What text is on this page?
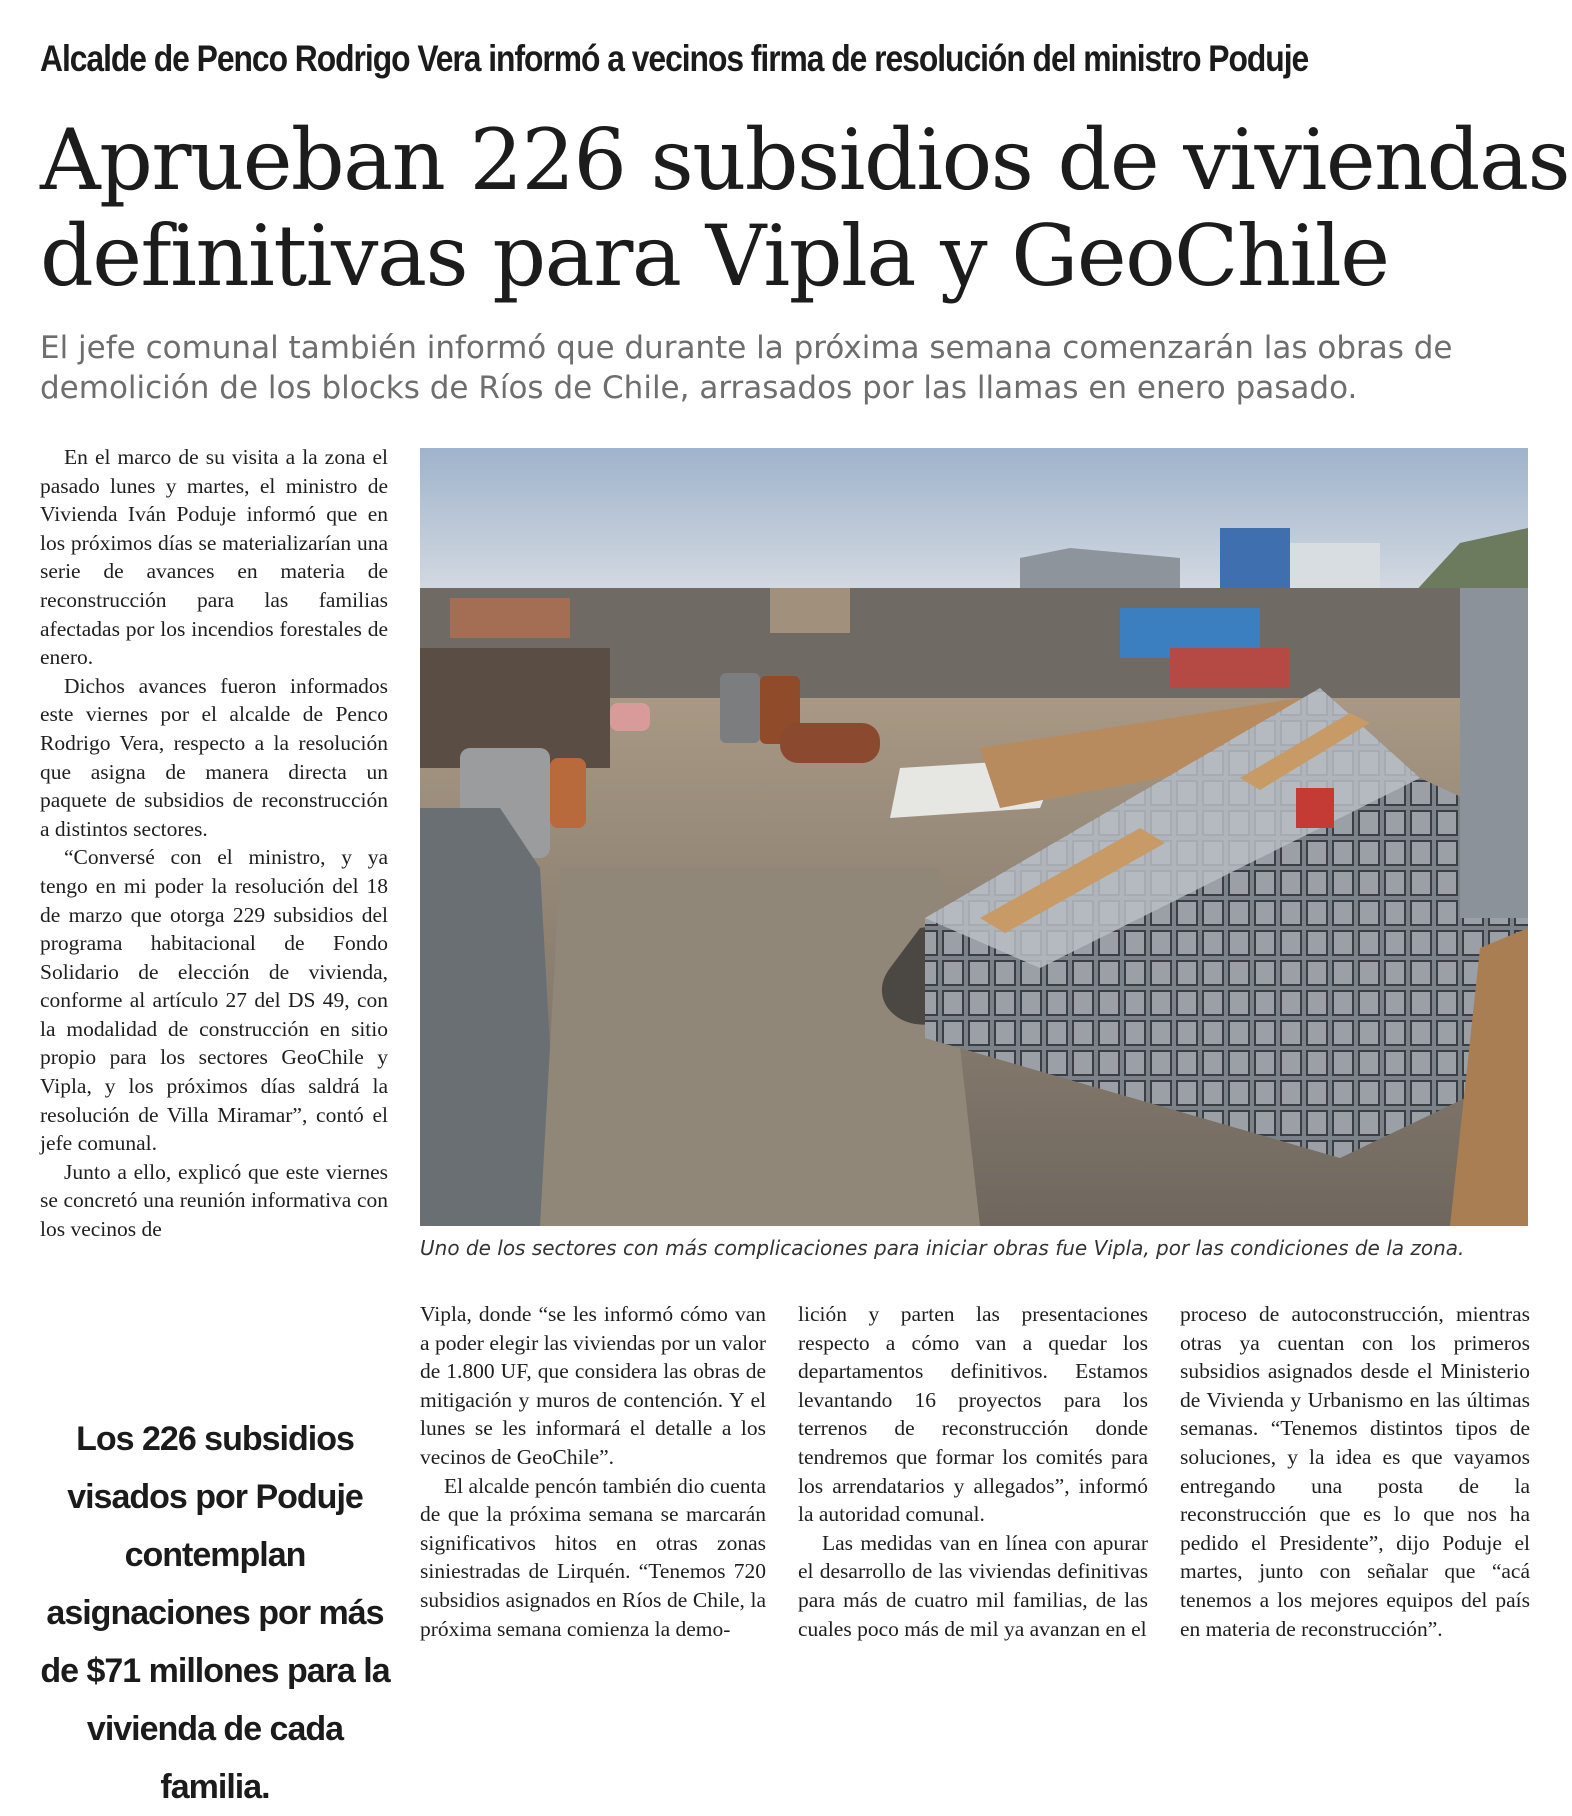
Alcalde de Penco Rodrigo Vera informó a vecinos firma de resolución del ministro Poduje
Aprueban 226 subsidios de viviendas
definitivas para Vipla y GeoChile
El jefe comunal también informó que durante la próxima semana comenzarán las obras de
demolición de los blocks de Ríos de Chile, arrasados por las llamas en enero pasado.

En el marco de su visita a la zona el pasado lunes y martes, el ministro de Vivienda Iván Poduje informó que en los próximos días se materializarían una serie de avances en materia de reconstrucción para las familias afectadas por los incendios forestales de enero.

Dichos avances fueron informados este viernes por el alcalde de Penco Rodrigo Vera, respecto a la resolución que asigna de manera directa un paquete de subsidios de reconstrucción a distintos sectores.

“Conversé con el ministro, y ya tengo en mi poder la resolución del 18 de marzo que otorga 229 subsidios del programa habitacional de Fondo Solidario de elección de vivienda, conforme al artículo 27 del DS 49, con la modalidad de construcción en sitio propio para los sectores GeoChile y Vipla, y los próximos días saldrá la resolución de Villa Miramar”, contó el jefe comunal.

Junto a ello, explicó que este viernes se concretó una reunión informativa con los vecinos de

Los 226 subsidios visados por Poduje contemplan asignaciones por más de $71 millones para la vivienda de cada familia.
Uno de los sectores con más complicaciones para iniciar obras fue Vipla, por las condiciones de la zona.

Vipla, donde “se les informó cómo van a poder elegir las viviendas por un valor de 1.800 UF, que considera las obras de mitigación y muros de contención. Y el lunes se les informará el detalle a los vecinos de GeoChile”.

El alcalde pencón también dio cuenta de que la próxima semana se marcarán significativos hitos en otras zonas siniestradas de Lirquén. “Tenemos 720 subsidios asignados en Ríos de Chile, la próxima semana comienza la demo-

lición y parten las presentaciones respecto a cómo van a quedar los departamentos definitivos. Estamos levantando 16 proyectos para los terrenos de reconstrucción donde tendremos que formar los comités para los arrendatarios y allegados”, informó la autoridad comunal.

Las medidas van en línea con apurar el desarrollo de las viviendas definitivas para más de cuatro mil familias, de las cuales poco más de mil ya avanzan en el

proceso de autoconstrucción, mientras otras ya cuentan con los primeros subsidios asignados desde el Ministerio de Vivienda y Urbanismo en las últimas semanas. “Tenemos distintos tipos de soluciones, y la idea es que vayamos entregando una posta de la reconstrucción que es lo que nos ha pedido el Presidente”, dijo Poduje el martes, junto con señalar que “acá tenemos a los mejores equipos del país en materia de reconstrucción”.
